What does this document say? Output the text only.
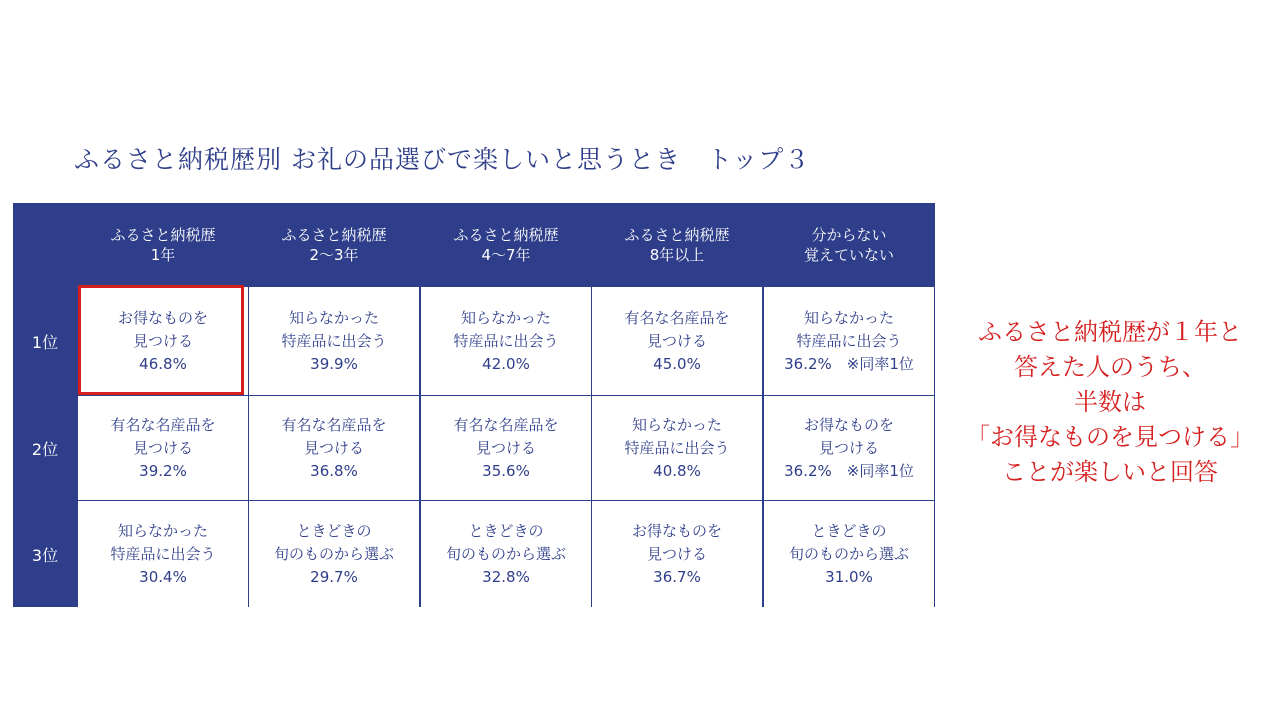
ふるさと納税歴別 お礼の品選びで楽しいと思うとき　トップ３
ふるさと納税歴
1年
ふるさと納税歴
2～3年
ふるさと納税歴
4～7年
ふるさと納税歴
8年以上
分からない
覚えていない
1位
2位
3位
お得なものを
見つける
46.8%
知らなかった
特産品に出会う
39.9%
知らなかった
特産品に出会う
42.0%
有名な名産品を
見つける
45.0%
知らなかった
特産品に出会う
36.2%　※同率1位
有名な名産品を
見つける
39.2%
有名な名産品を
見つける
36.8%
有名な名産品を
見つける
35.6%
知らなかった
特産品に出会う
40.8%
お得なものを
見つける
36.2%　※同率1位
知らなかった
特産品に出会う
30.4%
ときどきの
旬のものから選ぶ
29.7%
ときどきの
旬のものから選ぶ
32.8%
お得なものを
見つける
36.7%
ときどきの
旬のものから選ぶ
31.0%
ふるさと納税歴が１年と
答えた人のうち、
半数は
「お得なものを見つける」
ことが楽しいと回答
